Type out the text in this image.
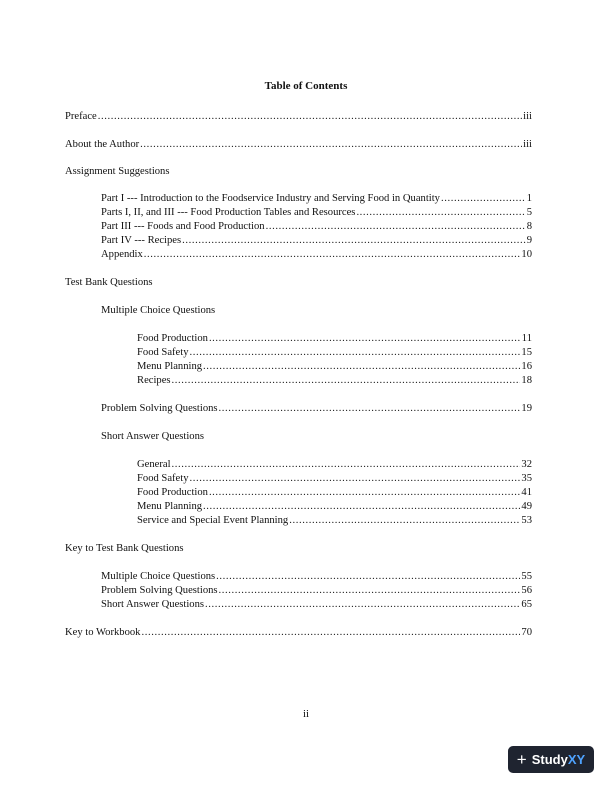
Table of Contents
Preface .....	iii
About the Author .....	iii
Assignment Suggestions
Part I --- Introduction to the Foodservice Industry and Serving Food in Quantity .....	1
Parts I, II, and III --- Food Production Tables and Resources .....	5
Part III --- Foods and Food Production .....	8
Part IV --- Recipes .....	9
Appendix .....	10
Test Bank Questions
Multiple Choice Questions
Food Production .....	11
Food Safety .....	15
Menu Planning .....	16
Recipes .....	18
Problem Solving Questions .....	19
Short Answer Questions
General .....	32
Food Safety .....	35
Food Production .....	41
Menu Planning .....	49
Service and Special Event Planning .....	53
Key to Test Bank Questions
Multiple Choice Questions .....	55
Problem Solving Questions .....	56
Short Answer Questions .....	65
Key to Workbook .....	70
ii
+ StudyXY
